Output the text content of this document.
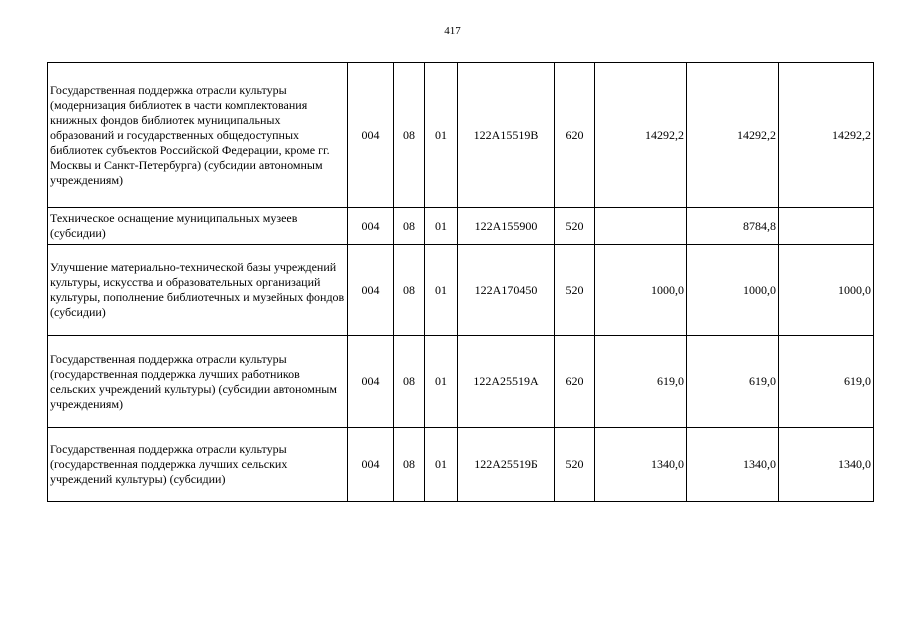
417
Государственная поддержка отрасли культуры (модернизация библиотек в части комплектования книжных фондов библиотек муниципальных образований и государственных общедоступных библиотек субъектов Российской Федерации, кроме гг. Москвы и Санкт-Петербурга) (субсидии автономным учреждениям)	004	08	01	122A15519В	620	14292,2	14292,2	14292,2
Техническое оснащение муниципальных музеев (субсидии)	004	08	01	122A155900	520		8784,8	
Улучшение материально-технической базы учреждений культуры, искусства и образовательных организаций культуры, пополнение библиотечных и музейных фондов (субсидии)	004	08	01	122A170450	520	1000,0	1000,0	1000,0
Государственная поддержка отрасли культуры (государственная поддержка лучших работников сельских учреждений культуры) (субсидии автономным учреждениям)	004	08	01	122A25519А	620	619,0	619,0	619,0
Государственная поддержка отрасли культуры (государственная поддержка лучших сельских учреждений культуры) (субсидии)	004	08	01	122A25519Б	520	1340,0	1340,0	1340,0
